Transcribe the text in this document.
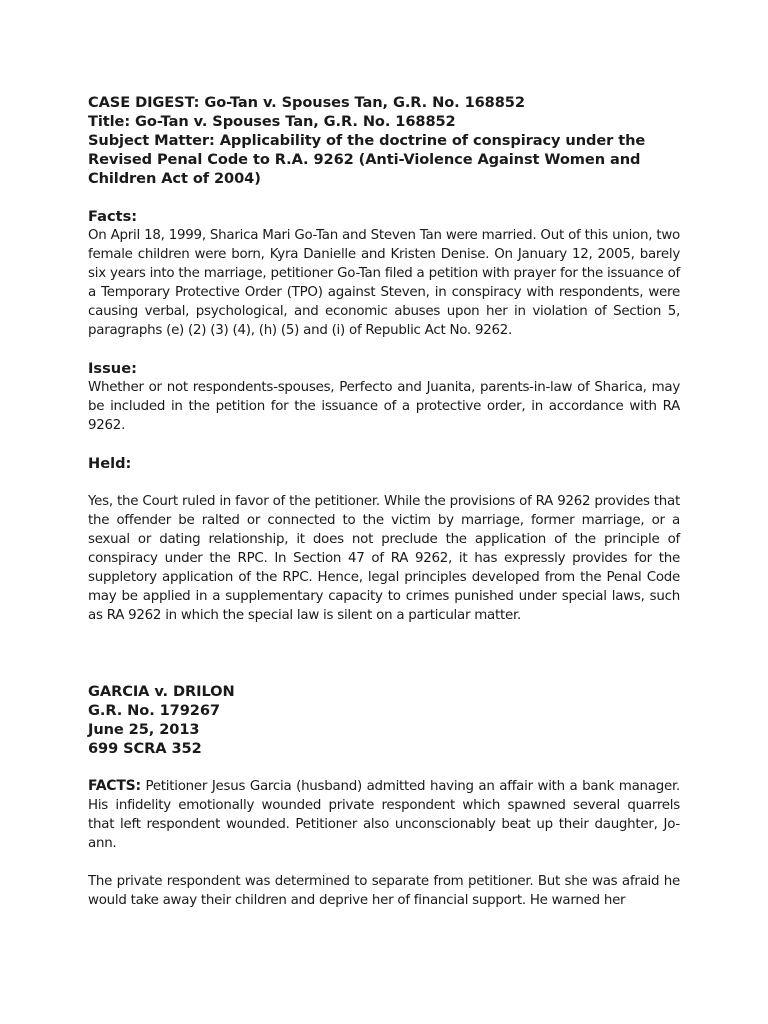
CASE DIGEST: Go-Tan v. Spouses Tan, G.R. No. 168852

Title: Go-Tan v. Spouses Tan, G.R. No. 168852

Subject Matter: Applicability of the doctrine of conspiracy under the Revised Penal Code to R.A. 9262 (Anti-Violence Against Women and Children Act of 2004)

Facts:

On April 18, 1999, Sharica Mari Go-Tan and Steven Tan were married. Out of this union, two female children were born, Kyra Danielle and Kristen Denise. On January 12, 2005, barely six years into the marriage, petitioner Go-Tan filed a petition with prayer for the issuance of a Temporary Protective Order (TPO) against Steven, in conspiracy with respondents, were causing verbal, psychological, and economic abuses upon her in violation of Section 5, paragraphs (e) (2) (3) (4), (h) (5) and (i) of Republic Act No. 9262.

Issue:

Whether or not respondents-spouses, Perfecto and Juanita, parents-in-law of Sharica, may be included in the petition for the issuance of a protective order, in accordance with RA 9262.

Held:

Yes, the Court ruled in favor of the petitioner. While the provisions of RA 9262 provides that the offender be ralted or connected to the victim by marriage, former marriage, or a sexual or dating relationship, it does not preclude the application of the principle of conspiracy under the RPC. In Section 47 of RA 9262, it has expressly provides for the suppletory application of the RPC. Hence, legal principles developed from the Penal Code may be applied in a supplementary capacity to crimes punished under special laws, such as RA 9262 in which the special law is silent on a particular matter.

GARCIA v. DRILON

G.R. No. 179267

June 25, 2013

699 SCRA 352

FACTS: Petitioner Jesus Garcia (husband) admitted having an affair with a bank manager. His infidelity emotionally wounded private respondent which spawned several quarrels that left respondent wounded. Petitioner also unconscionably beat up their daughter, Jo-ann.

The private respondent was determined to separate from petitioner. But she was afraid he would take away their children and deprive her of financial support. He warned her
